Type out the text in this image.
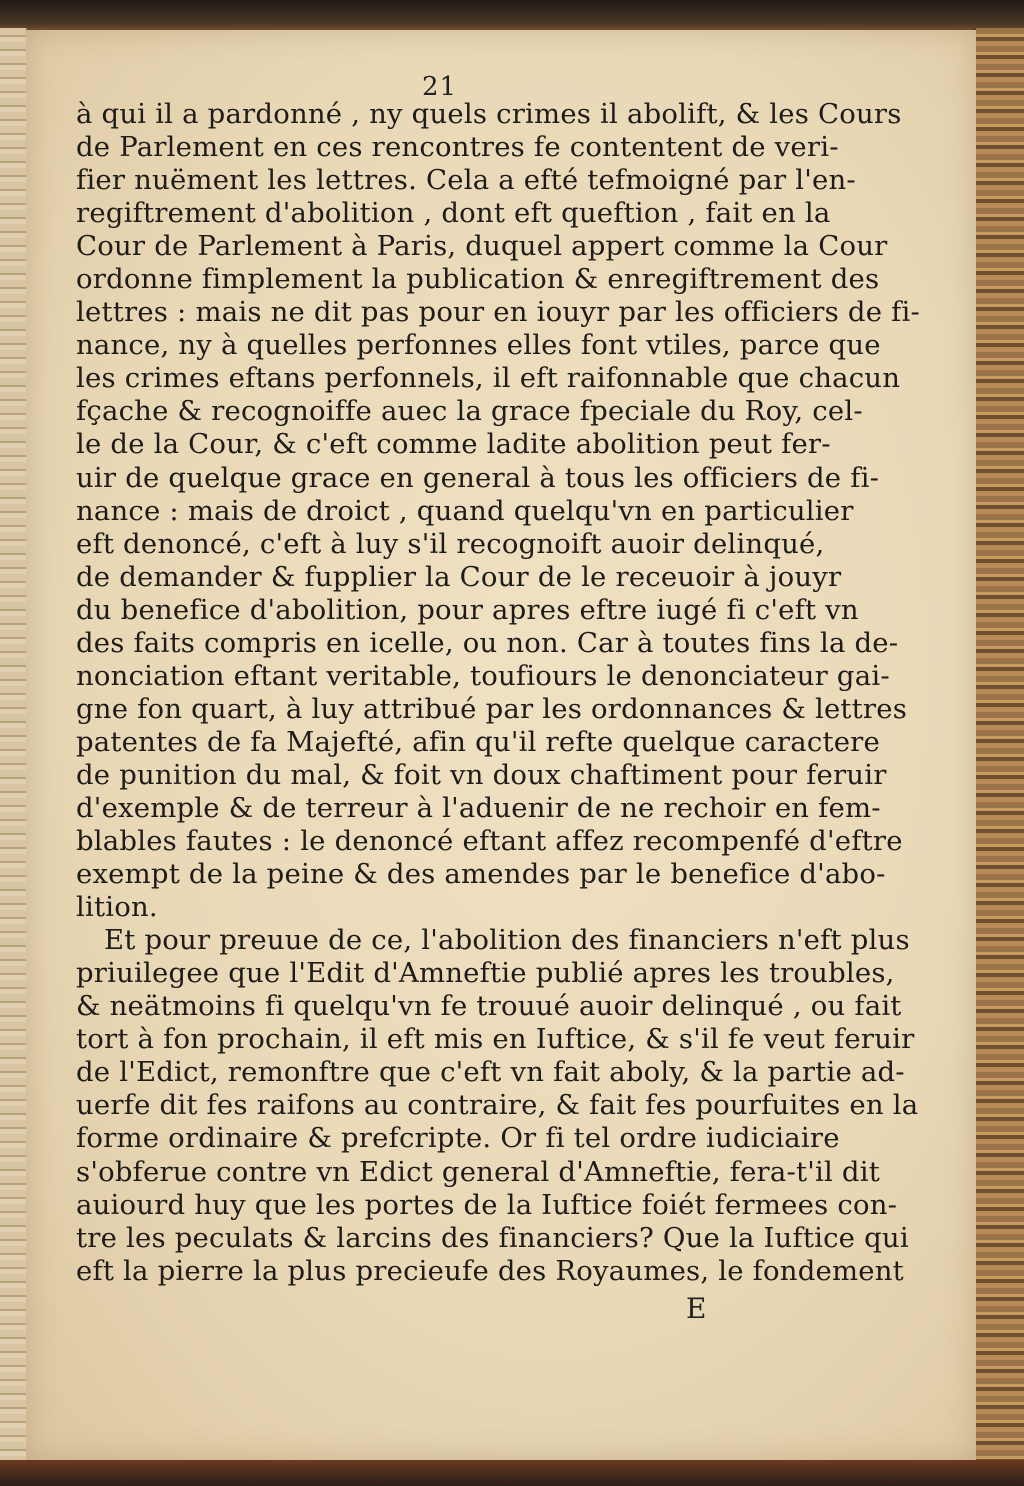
21
à qui il a pardonné , ny quels crimes il abolift, & les Cours
de Parlement en ces rencontres fe contentent de veri-
fier nuëment les lettres. Cela a efté tefmoigné par l'en-
regiftrement d'abolition , dont eft queftion , fait en la
Cour de Parlement à Paris, duquel appert comme la Cour
ordonne fimplement la publication & enregiftrement des
lettres : mais ne dit pas pour en iouyr par les officiers de fi-
nance, ny à quelles perfonnes elles font vtiles, parce que
les crimes eftans perfonnels, il eft raifonnable que chacun
fçache & recognoiffe auec la grace fpeciale du Roy, cel-
le de la Cour, & c'eft comme ladite abolition peut fer-
uir de quelque grace en general à tous les officiers de fi-
nance : mais de droict , quand quelqu'vn en particulier
eft denoncé, c'eft à luy s'il recognoift auoir delinqué,
de demander & fupplier la Cour de le receuoir à jouyr
du benefice d'abolition, pour apres eftre iugé fi c'eft vn
des faits compris en icelle, ou non. Car à toutes fins la de-
nonciation eftant veritable, toufiours le denonciateur gai-
gne fon quart, à luy attribué par les ordonnances & lettres
patentes de fa Majefté, afin qu'il refte quelque caractere
de punition du mal, & foit vn doux chaftiment pour feruir
d'exemple & de terreur à l'aduenir de ne rechoir en fem-
blables fautes : le denoncé eftant affez recompenfé d'eftre
exempt de la peine & des amendes par le benefice d'abo-
lition.
Et pour preuue de ce, l'abolition des financiers n'eft plus
priuilegee que l'Edit d'Amneftie publié apres les troubles,
& neätmoins fi quelqu'vn fe trouué auoir delinqué , ou fait
tort à fon prochain, il eft mis en Iuftice, & s'il fe veut feruir
de l'Edict, remonftre que c'eft vn fait aboly, & la partie ad-
uerfe dit fes raifons au contraire, & fait fes pourfuites en la
forme ordinaire & prefcripte. Or fi tel ordre iudiciaire
s'obferue contre vn Edict general d'Amneftie, fera-t'il dit
auiourd huy que les portes de la Iuftice foiét fermees con-
tre les peculats & larcins des financiers? Que la Iuftice qui
eft la pierre la plus precieufe des Royaumes, le fondement
E
